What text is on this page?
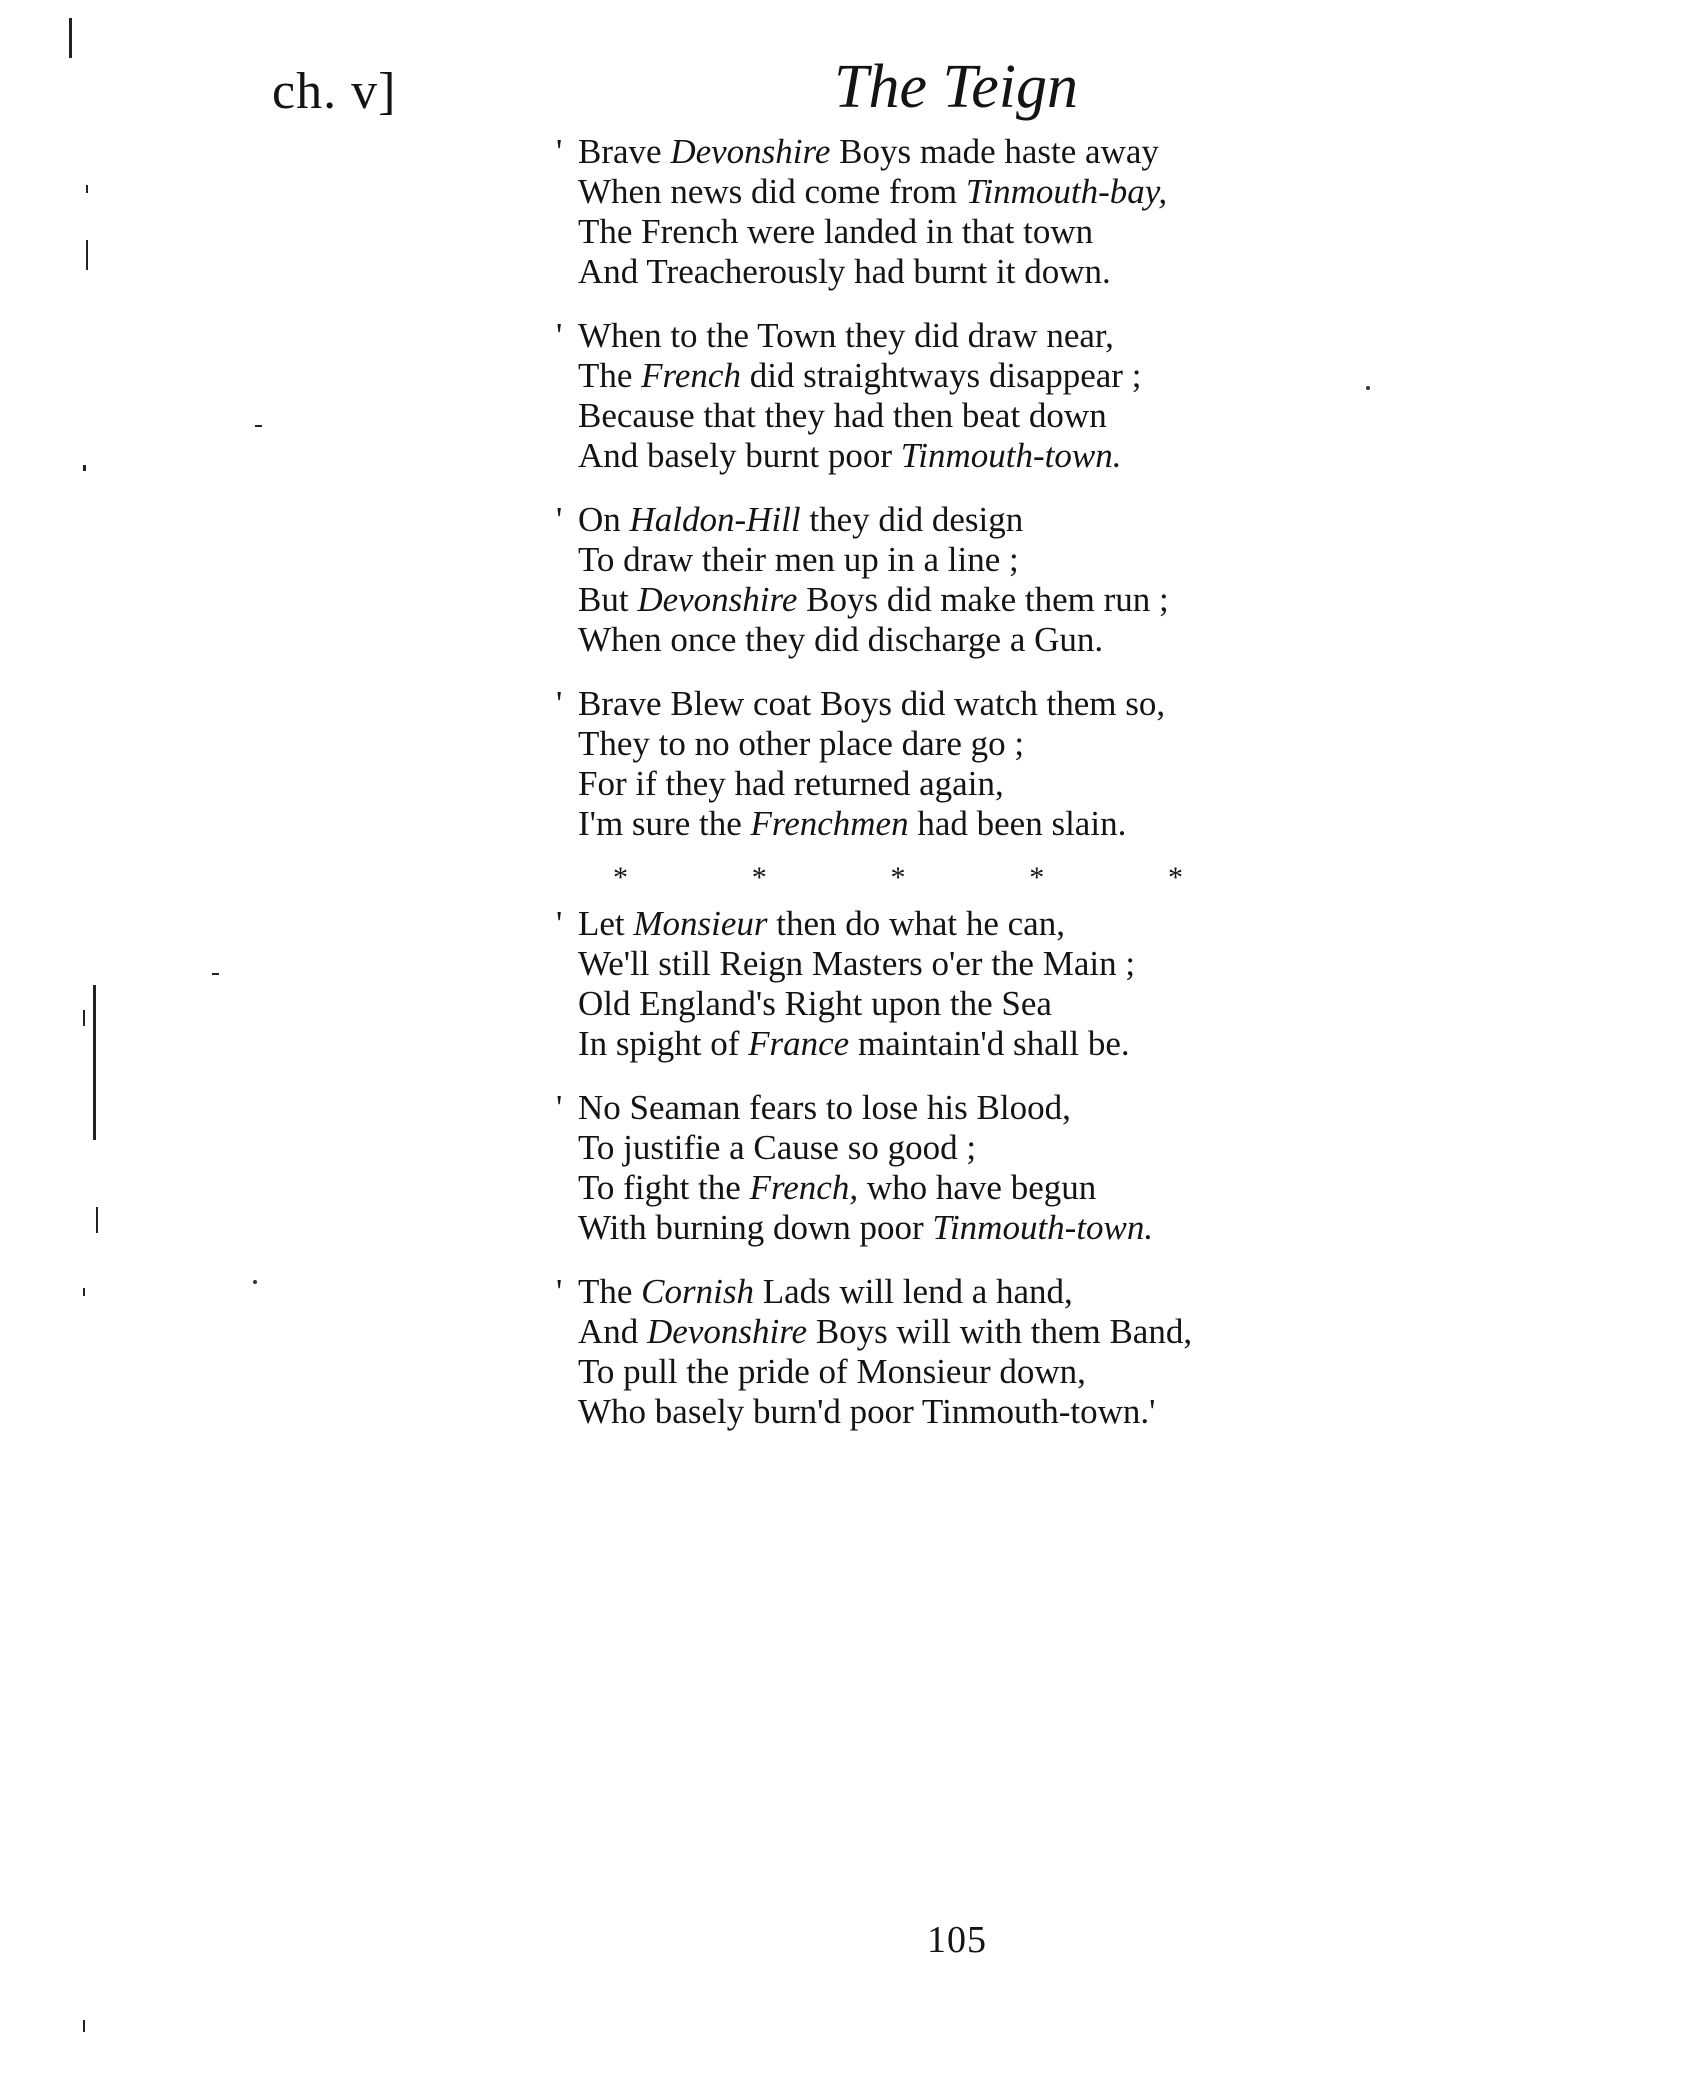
ch. v]	The Teign
' Brave Devonshire Boys made haste away
When news did come from Tinmouth-bay,
The French were landed in that town
And Treacherously had burnt it down.
' When to the Town they did draw near,
The French did straightways disappear ;
Because that they had then beat down
And basely burnt poor Tinmouth-town.
' On Haldon-Hill they did design
To draw their men up in a line ;
But Devonshire Boys did make them run ;
When once they did discharge a Gun.
' Brave Blew coat Boys did watch them so,
They to no other place dare go ;
For if they had returned again,
I'm sure the Frenchmen had been slain.
*	*	*	*	*
' Let Monsieur then do what he can,
We'll still Reign Masters o'er the Main ;
Old England's Right upon the Sea
In spight of France maintain'd shall be.
' No Seaman fears to lose his Blood,
To justifie a Cause so good ;
To fight the French, who have begun
With burning down poor Tinmouth-town.
' The Cornish Lads will lend a hand,
And Devonshire Boys will with them Band,
To pull the pride of Monsieur down,
Who basely burn'd poor Tinmouth-town.'
105
